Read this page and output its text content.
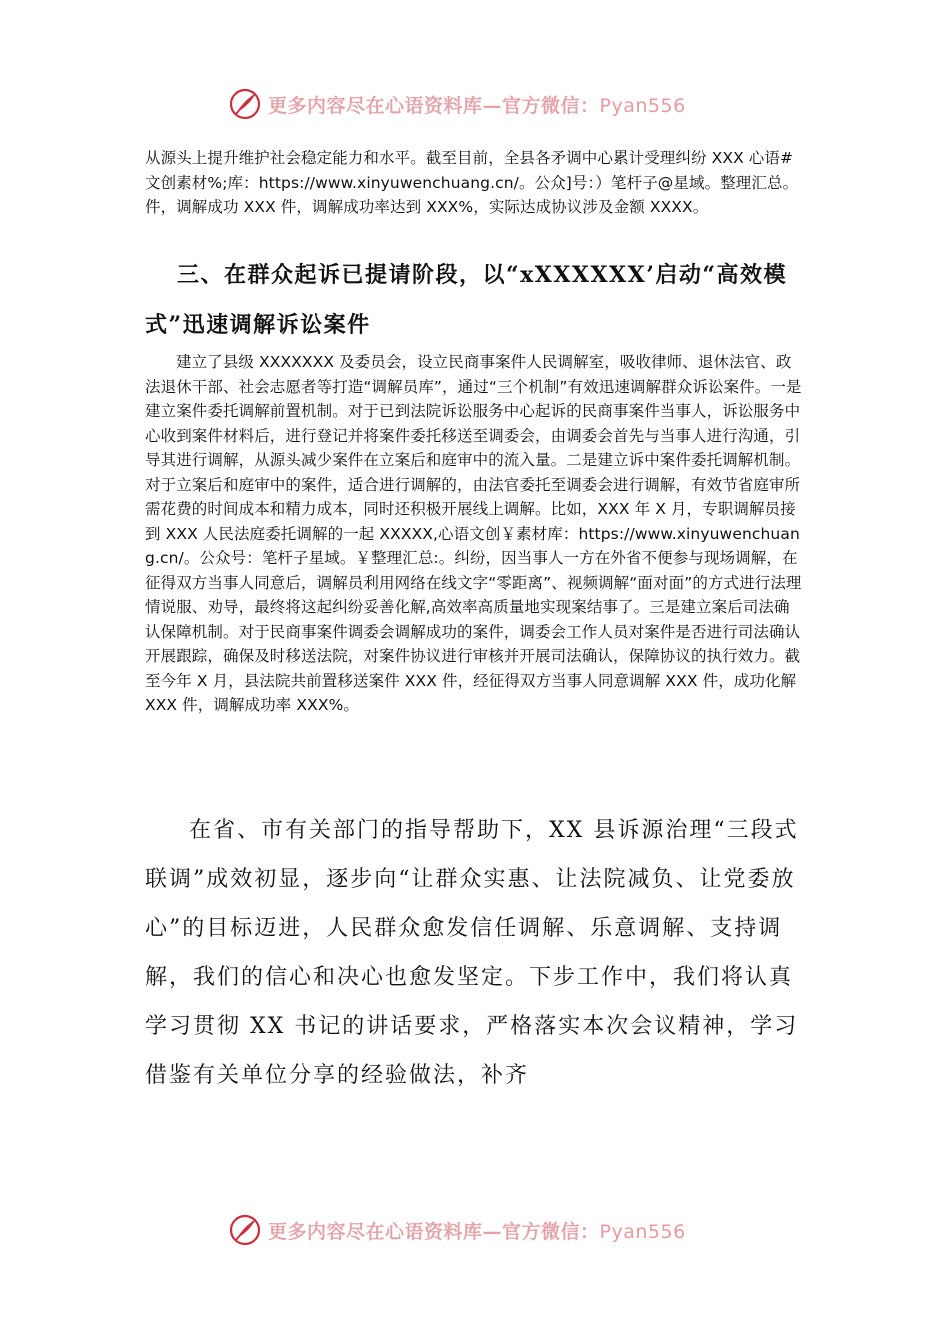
更多内容尽在心语资料库—官方微信：Pyan556

从源头上提升维护社会稳定能力和水平。截至目前，全县各矛调中心累计受理纠纷 XXX 心语#文创素材%;库：https://www.xinyuwenchuang.cn/。公众]号：）笔杆子@星域。整理汇总。件，调解成功 XXX 件，调解成功率达到 XXX%，实际达成协议涉及金额 XXXX。

三、在群众起诉已提请阶段，以“xXXXXXX’启动“高效模式”迅速调解诉讼案件

建立了县级 XXXXXXX 及委员会，设立民商事案件人民调解室，吸收律师、退休法官、政法退休干部、社会志愿者等打造“调解员库”，通过“三个机制”有效迅速调解群众诉讼案件。一是建立案件委托调解前置机制。对于已到法院诉讼服务中心起诉的民商事案件当事人，诉讼服务中心收到案件材料后，进行登记并将案件委托移送至调委会，由调委会首先与当事人进行沟通，引导其进行调解，从源头减少案件在立案后和庭审中的流入量。二是建立诉中案件委托调解机制。对于立案后和庭审中的案件，适合进行调解的，由法官委托至调委会进行调解，有效节省庭审所需花费的时间成本和精力成本，同时还积极开展线上调解。比如，XXX 年 X 月，专职调解员接到 XXX 人民法庭委托调解的一起 XXXXX,心语文创￥素材库：https://www.xinyuwenchuang.cn/。公众号：笔杆子星域。￥整理汇总:。纠纷，因当事人一方在外省不便参与现场调解，在征得双方当事人同意后，调解员利用网络在线文字“零距离”、视频调解“面对面”的方式进行法理情说服、劝导，最终将这起纠纷妥善化解,高效率高质量地实现案结事了。三是建立案后司法确认保障机制。对于民商事案件调委会调解成功的案件，调委会工作人员对案件是否进行司法确认开展跟踪，确保及时移送法院，对案件协议进行审核并开展司法确认，保障协议的执行效力。截至今年 X 月，县法院共前置移送案件 XXX 件，经征得双方当事人同意调解 XXX 件，成功化解 XXX 件，调解成功率 XXX%。

在省、市有关部门的指导帮助下，XX 县诉源治理“三段式联调”成效初显，逐步向“让群众实惠、让法院减负、让党委放心”的目标迈进，人民群众愈发信任调解、乐意调解、支持调解，我们的信心和决心也愈发坚定。下步工作中，我们将认真学习贯彻 XX 书记的讲话要求，严格落实本次会议精神，学习借鉴有关单位分享的经验做法，补齐

更多内容尽在心语资料库—官方微信：Pyan556
